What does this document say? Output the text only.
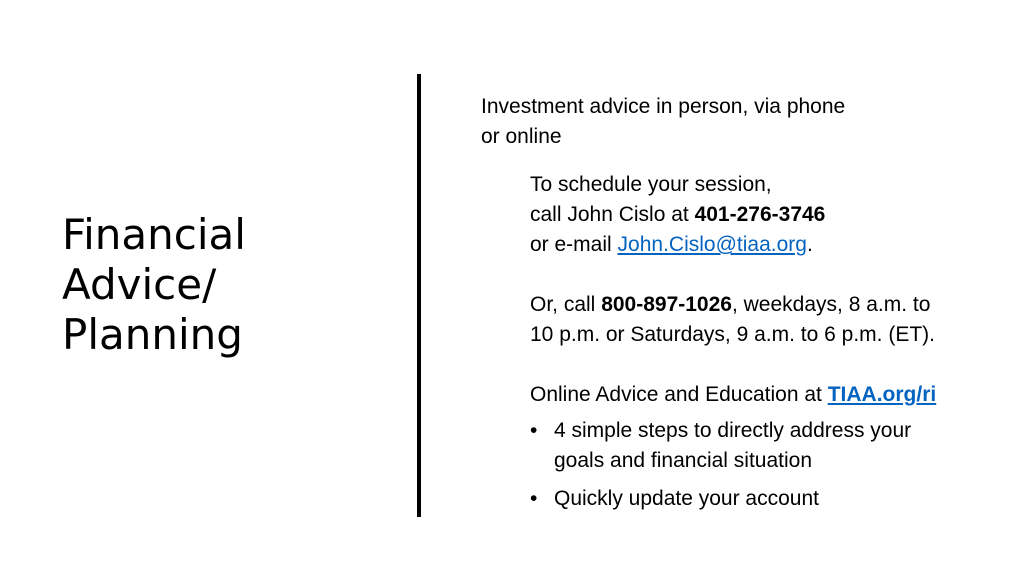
Financial
Advice/
Planning

Investment advice in person, via phone
or online

To schedule your session,
call John Cislo at 401-276-3746
or e-mail John.Cislo@tiaa.org.

Or, call 800-897-1026, weekdays, 8 a.m. to
10 p.m. or Saturdays, 9 a.m. to 6 p.m. (ET).

Online Advice and Education at TIAA.org/ri

• 4 simple steps to directly address your
goals and financial situation
• Quickly update your account
